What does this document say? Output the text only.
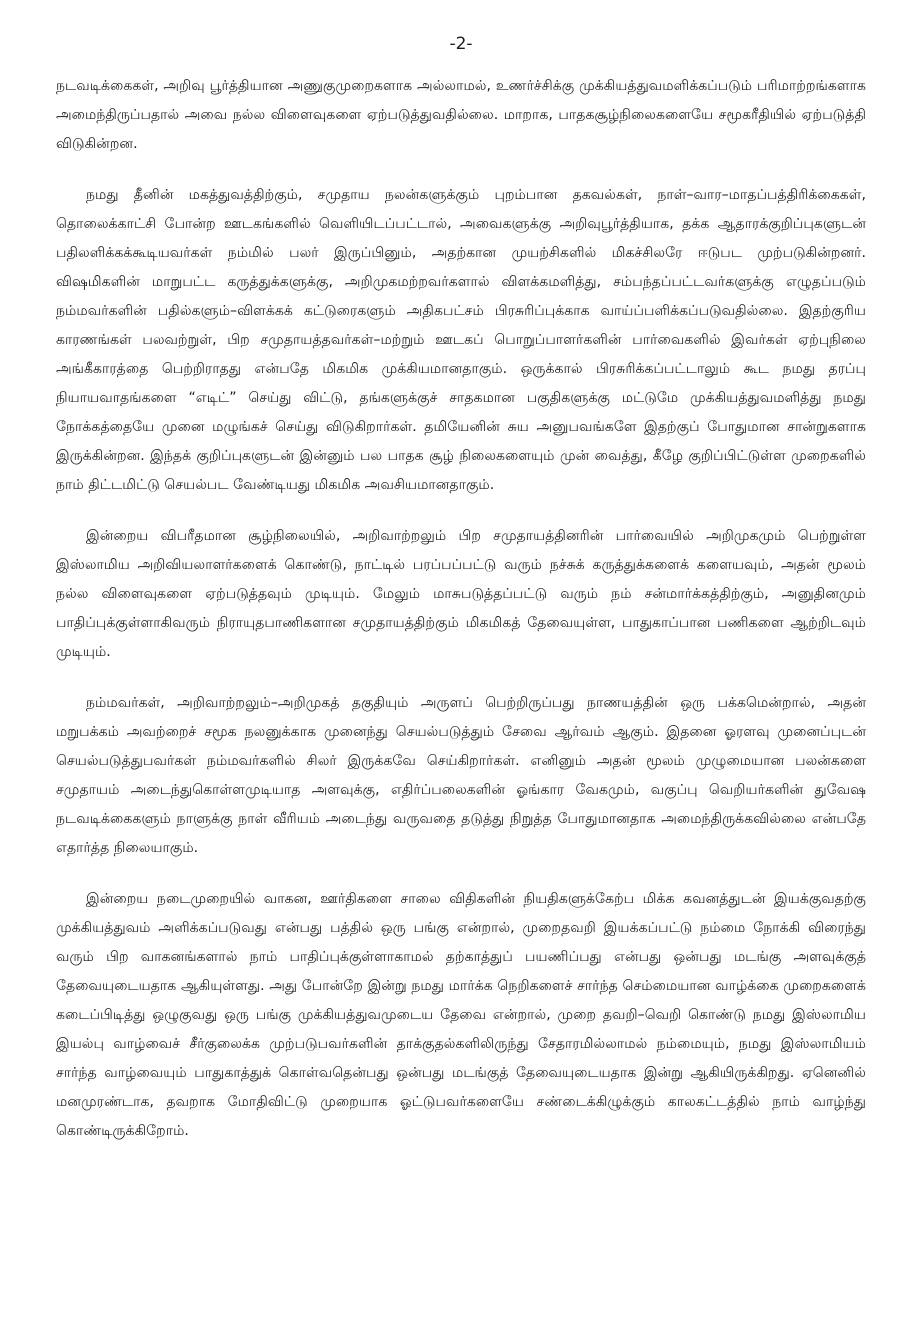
-2-

நடவடிக்கைகள், அறிவு பூர்த்தியான அணுகுமுறைகளாக அல்லாமல், உணர்ச்சிக்கு முக்கியத்துவமளிக்கப்படும் பரிமாற்றங்களாக அமைந்திருப்பதால் அவை நல்ல விளைவுகளை ஏற்படுத்துவதில்லை. மாறாக, பாதகசூழ்நிலைகளையே சமூகரீதியில் ஏற்படுத்தி விடுகின்றன.

நமது தீனின் மகத்துவத்திற்கும், சமுதாய நலன்களுக்கும் புறம்பான தகவல்கள், நாள்–வார–மாதப்பத்திரிக்கைகள், தொலைக்காட்சி போன்ற ஊடகங்களில் வெளியிடப்பட்டால், அவைகளுக்கு அறிவுபூர்த்தியாக, தக்க ஆதாரக்குறிப்புகளுடன் பதிலளிக்கக்கூடியவர்கள் நம்மில் பலர் இருப்பினும், அதற்கான முயற்சிகளில் மிகச்சிலரே ஈடுபட முற்படுகின்றனர். விஷமிகளின் மாறுபட்ட கருத்துக்களுக்கு, அறிமுகமற்றவர்களால் விளக்கமளித்து, சம்பந்தப்பட்டவர்களுக்கு எழுதப்படும் நம்மவர்களின் பதில்களும்–விளக்கக் கட்டுரைகளும் அதிகபட்சம் பிரசுரிப்புக்காக வாய்ப்பளிக்கப்படுவதில்லை. இதற்குரிய காரணங்கள் பலவற்றுள், பிற சமுதாயத்தவர்கள்–மற்றும் ஊடகப் பொறுப்பாளர்களின் பார்வைகளில் இவர்கள் ஏற்புநிலை அங்கீகாரத்தை பெற்றிராதது என்பதே மிகமிக முக்கியமானதாகும். ஒருக்கால் பிரசுரிக்கப்பட்டாலும் கூட நமது தரப்பு நியாயவாதங்களை “எடிட்” செய்து விட்டு, தங்களுக்குச் சாதகமான பகுதிகளுக்கு மட்டுமே முக்கியத்துவமளித்து நமது நோக்கத்தையே முனை மழுங்கச் செய்து விடுகிறார்கள். தமியேனின் சுய அனுபவங்களே இதற்குப் போதுமான சான்றுகளாக இருக்கின்றன. இந்தக் குறிப்புகளுடன் இன்னும் பல பாதக சூழ் நிலைகளையும் முன் வைத்து, கீழே குறிப்பிட்டுள்ள முறைகளில் நாம் திட்டமிட்டு செயல்பட வேண்டியது மிகமிக அவசியமானதாகும்.

இன்றைய விபரீதமான சூழ்நிலையில், அறிவாற்றலும் பிற சமுதாயத்தினரின் பார்வையில் அறிமுகமும் பெற்றுள்ள இஸ்லாமிய அறிவியலாளர்களைக் கொண்டு, நாட்டில் பரப்பப்பட்டு வரும் நச்சுக் கருத்துக்களைக் களையவும், அதன் மூலம் நல்ல விளைவுகளை ஏற்படுத்தவும் முடியும். மேலும் மாசுபடுத்தப்பட்டு வரும் நம் சன்மார்க்கத்திற்கும், அனுதினமும் பாதிப்புக்குள்ளாகிவரும் நிராயுதபாணிகளான சமுதாயத்திற்கும் மிகமிகத் தேவையுள்ள, பாதுகாப்பான பணிகளை ஆற்றிடவும் முடியும்.

நம்மவர்கள், அறிவாற்றலும்–அறிமுகத் தகுதியும் அருளப் பெற்றிருப்பது நாணயத்தின் ஒரு பக்கமென்றால், அதன் மறுபக்கம் அவற்றைச் சமூக நலனுக்காக முனைந்து செயல்படுத்தும் சேவை ஆர்வம் ஆகும். இதனை ஓரளவு முனைப்புடன் செயல்படுத்துபவர்கள் நம்மவர்களில் சிலர் இருக்கவே செய்கிறார்கள். எனினும் அதன் மூலம் முழுமையான பலன்களை சமுதாயம் அடைந்துகொள்ளமுடியாத அளவுக்கு, எதிர்ப்பலைகளின் ஓங்கார வேகமும், வகுப்பு வெறியர்களின் துவேஷ நடவடிக்கைகளும் நாளுக்கு நாள் வீரியம் அடைந்து வருவதை தடுத்து நிறுத்த போதுமானதாக அமைந்திருக்கவில்லை என்பதே எதார்த்த நிலையாகும்.

இன்றைய நடைமுறையில் வாகன, ஊர்திகளை சாலை விதிகளின் நியதிகளுக்கேற்ப மிக்க கவனத்துடன் இயக்குவதற்கு முக்கியத்துவம் அளிக்கப்படுவது என்பது பத்தில் ஒரு பங்கு என்றால், முறைதவறி இயக்கப்பட்டு நம்மை நோக்கி விரைந்து வரும் பிற வாகனங்களால் நாம் பாதிப்புக்குள்ளாகாமல் தற்காத்துப் பயணிப்பது என்பது ஒன்பது மடங்கு அளவுக்குத் தேவையுடையதாக ஆகியுள்ளது. அது போன்றே இன்று நமது மார்க்க நெறிகளைச் சார்ந்த செம்மையான வாழ்க்கை முறைகளைக் கடைப்பிடித்து ஒழுகுவது ஒரு பங்கு முக்கியத்துவமுடைய தேவை என்றால், முறை தவறி–வெறி கொண்டு நமது இஸ்லாமிய இயல்பு வாழ்வைச் சீர்குலைக்க முற்படுபவர்களின் தாக்குதல்களிலிருந்து சேதாரமில்லாமல் நம்மையும், நமது இஸ்லாமியம் சார்ந்த வாழ்வையும் பாதுகாத்துக் கொள்வதென்பது ஒன்பது மடங்குத் தேவையுடையதாக இன்று ஆகியிருக்கிறது. ஏனெனில் மனமுரண்டாக, தவறாக மோதிவிட்டு முறையாக ஓட்டுபவர்களையே சண்டைக்கிழுக்கும் காலகட்டத்தில் நாம் வாழ்ந்து கொண்டிருக்கிறோம்.
